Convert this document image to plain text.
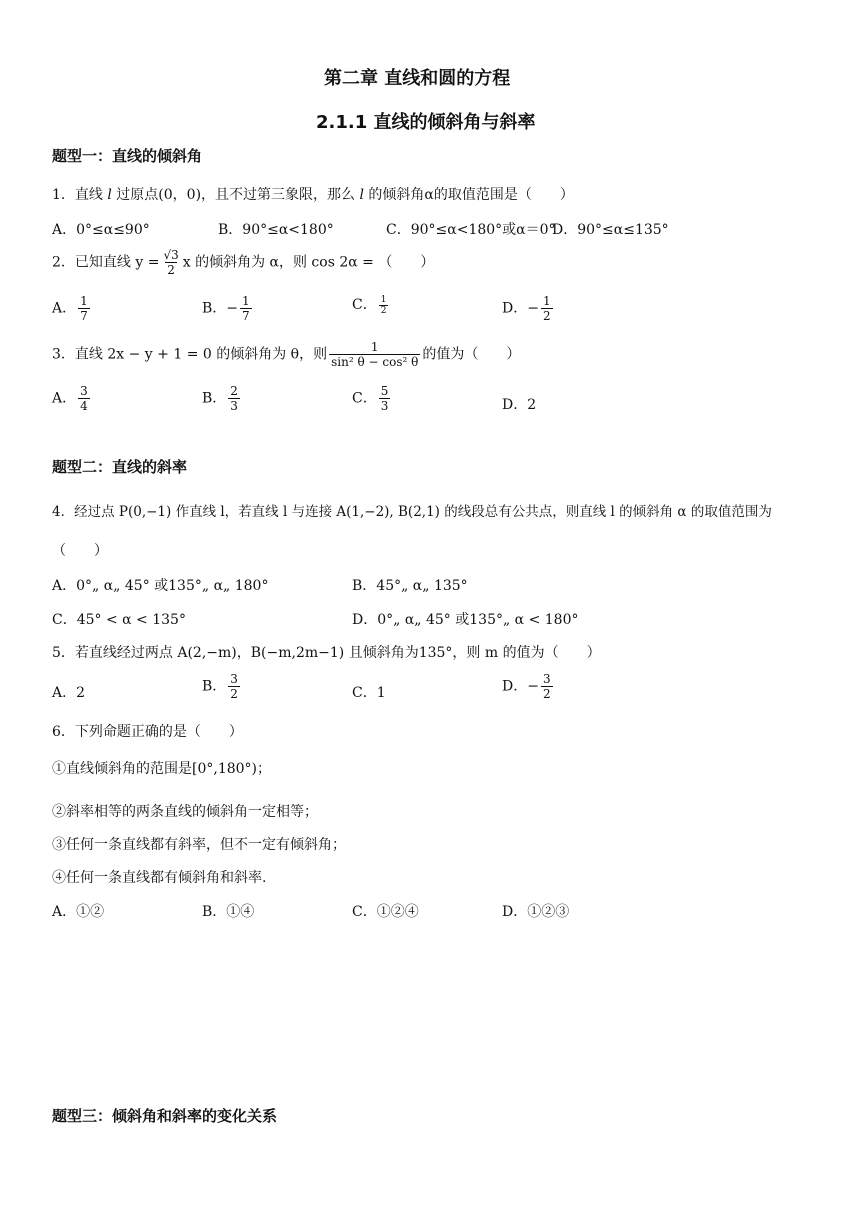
第二章 直线和圆的方程
2.1.1 直线的倾斜角与斜率
题型一：直线的倾斜角
1．直线 l 过原点(0，0)，且不过第三象限，那么 l 的倾斜角α的取值范围是（　　）
A．0°≤α≤90°	B．90°≤α<180°	C．90°≤α<180°或α＝0°
D．90°≤α≤135°
2．已知直线 $y = \frac{√3}{2}$ x 的倾斜角为 α，则 cos 2α = （　　）
A． $\frac{1}{7}$	B．− $\frac{1}{7}$	C． $\frac{1}{2}$	D．− $\frac{1}{2}$
3．直线 2x − y + 1 = 0 的倾斜角为 θ，则 $\frac{1}{\text{sin² θ − cos² θ}}$ 的值为（　　）
A． $\frac{3}{4}$	B． $\frac{2}{3}$	C． $\frac{5}{3}$	D．2
题型二：直线的斜率
4．经过点 P(0,−1) 作直线 l，若直线 l 与连接 A(1,−2), B(2,1) 的线段总有公共点，则直线 l 的倾斜角 α 的取值范围为
（　　）
A．0°„ α„ 45° 或135°„ α„ 180°	B．45°„ α„ 135°
C．45° < α < 135°	D．0°„ α„ 45° 或135°„ α < 180°
5．若直线经过两点 A(2,−m)，B(−m,2m−1) 且倾斜角为135°，则 m 的值为（　　）
A．2	B． $\frac{3}{2}$	C．1	D．− $\frac{3}{2}$
6．下列命题正确的是（　　）
①直线倾斜角的范围是[0°,180°)；
②斜率相等的两条直线的倾斜角一定相等；
③任何一条直线都有斜率，但不一定有倾斜角；
④任何一条直线都有倾斜角和斜率.
A．①②	B．①④	C．①②④	D．①②③
题型三：倾斜角和斜率的变化关系
